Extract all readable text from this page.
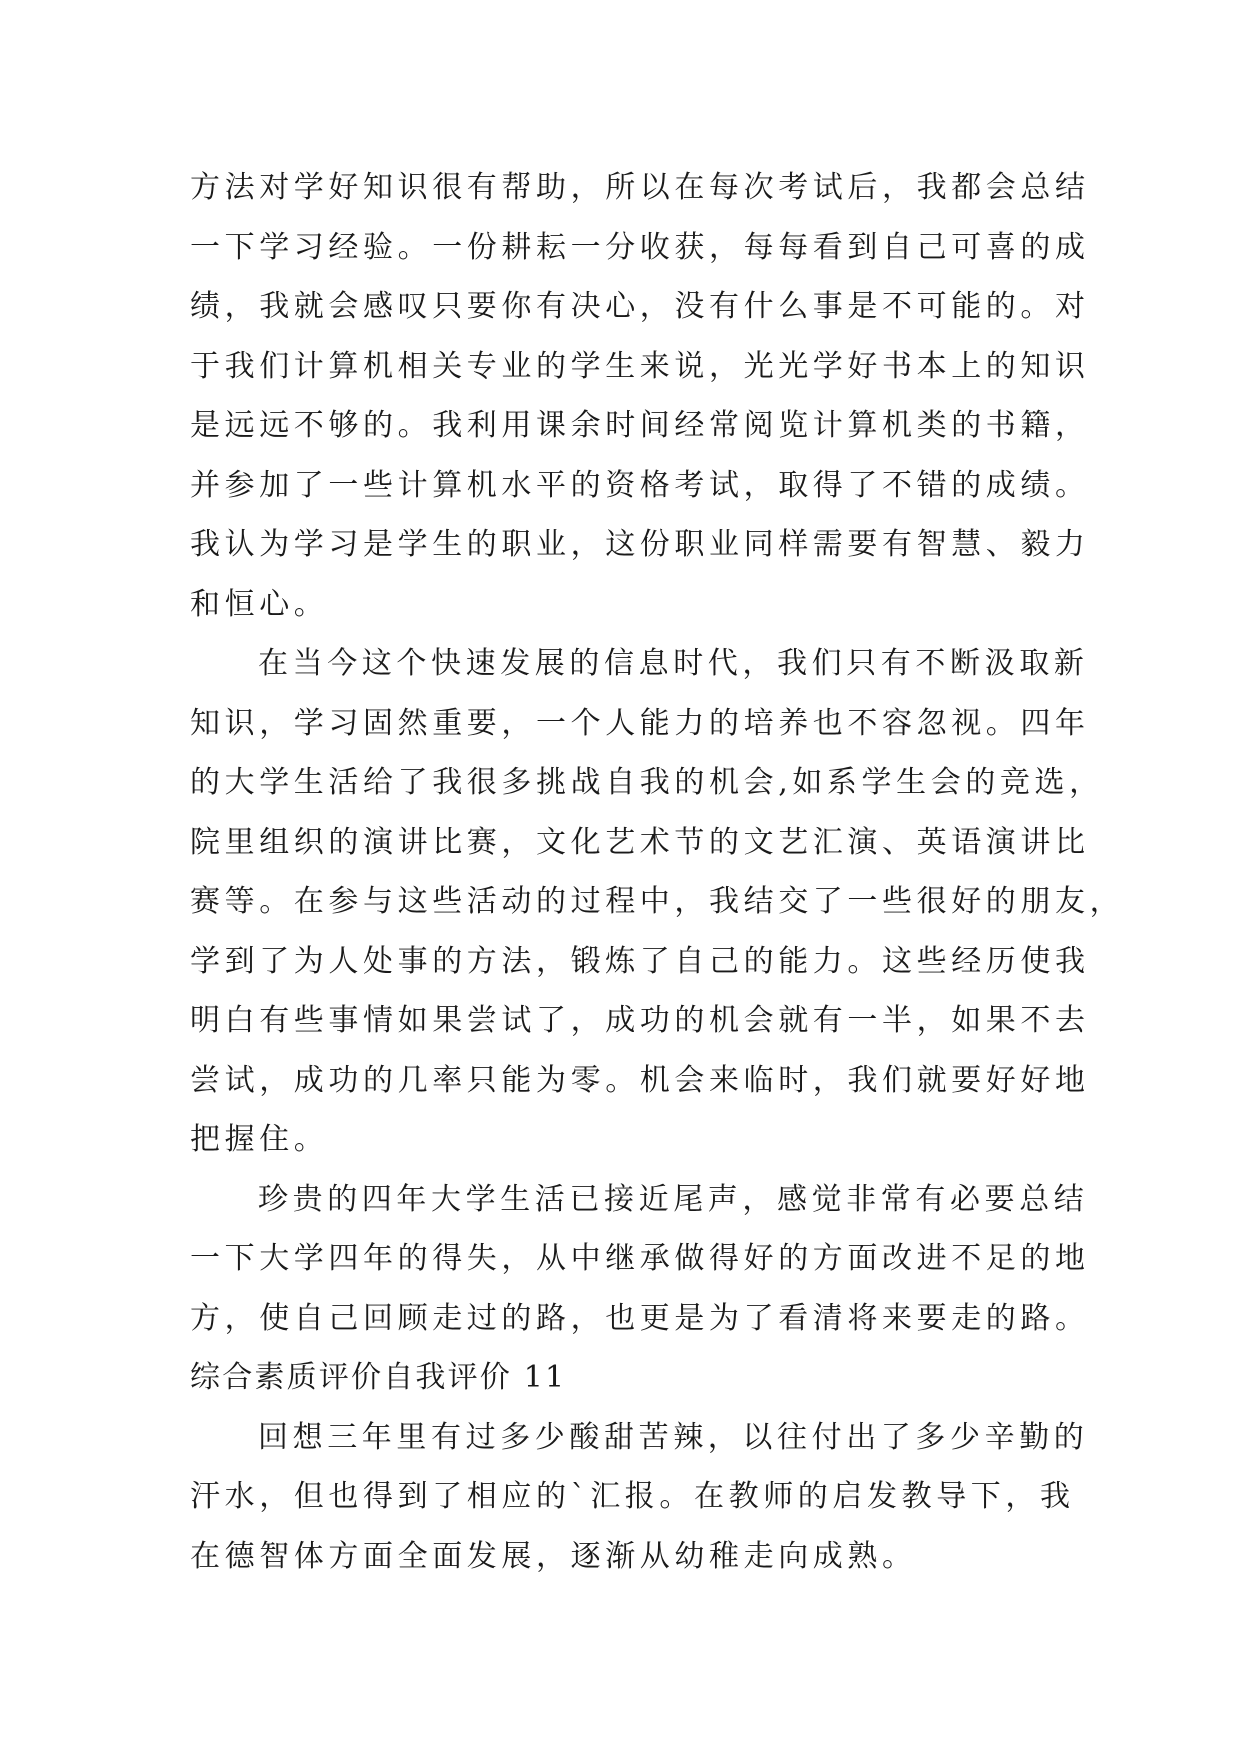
方法对学好知识很有帮助，所以在每次考试后，我都会总结
一下学习经验。一份耕耘一分收获，每每看到自己可喜的成
绩，我就会感叹只要你有决心，没有什么事是不可能的。对
于我们计算机相关专业的学生来说，光光学好书本上的知识
是远远不够的。我利用课余时间经常阅览计算机类的书籍，
并参加了一些计算机水平的资格考试，取得了不错的成绩。
我认为学习是学生的职业，这份职业同样需要有智慧、毅力
和恒心。
在当今这个快速发展的信息时代，我们只有不断汲取新
知识，学习固然重要，一个人能力的培养也不容忽视。四年
的大学生活给了我很多挑战自我的机会,如系学生会的竞选，
院里组织的演讲比赛，文化艺术节的文艺汇演、英语演讲比
赛等。在参与这些活动的过程中，我结交了一些很好的朋友，
学到了为人处事的方法，锻炼了自己的能力。这些经历使我
明白有些事情如果尝试了，成功的机会就有一半，如果不去
尝试，成功的几率只能为零。机会来临时，我们就要好好地
把握住。
珍贵的四年大学生活已接近尾声，感觉非常有必要总结
一下大学四年的得失，从中继承做得好的方面改进不足的地
方，使自己回顾走过的路，也更是为了看清将来要走的路。
综合素质评价自我评价 11
回想三年里有过多少酸甜苦辣，以往付出了多少辛勤的
汗水，但也得到了相应的`汇报。在教师的启发教导下，我
在德智体方面全面发展，逐渐从幼稚走向成熟。
